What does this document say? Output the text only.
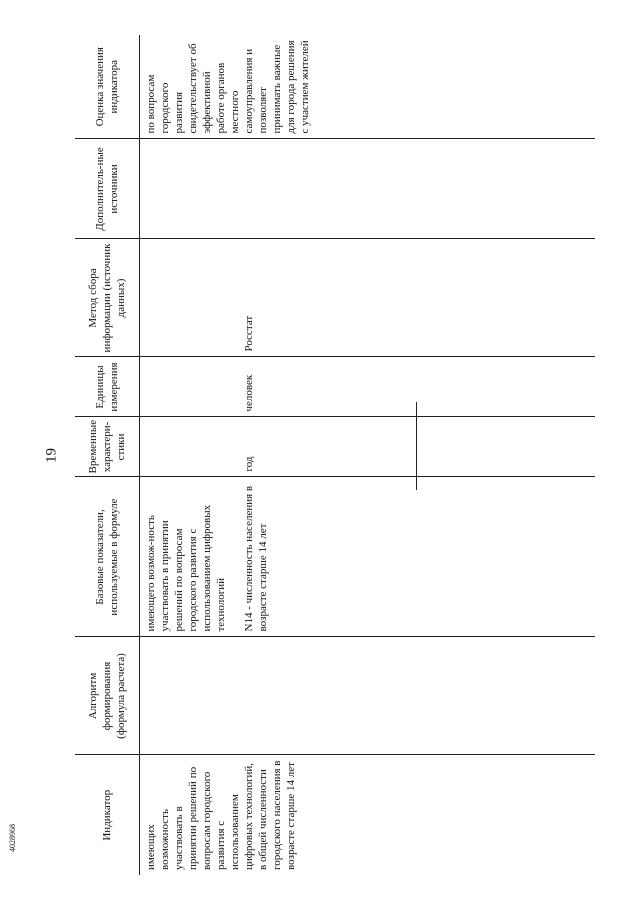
19
4028968	Индикатор	Алгоритм формирования (формула расчета)	Базовые показатели, используемые в формуле	Временные характери-стики	Единицы измерения	Метод сбора информации (источник данных)	Дополнитель-ные источники	Оценка значения индикатора
имеющих возможность участвовать в принятии решений по вопросам городского развития с использованием цифровых технологий, в общей численности городского населения в возрасте старше 14 лет		имеющего возмож-ность участвовать в принятии решений по вопросам городского развития с использованием цифровых технологий N14 - численность населения в возрасте старше 14 лет	год	человек	Росстат		по вопросам городского развития свидетельствует об эффективной работе органов местного самоуправления и позволяет принимать важные для города решения с участием жителей
